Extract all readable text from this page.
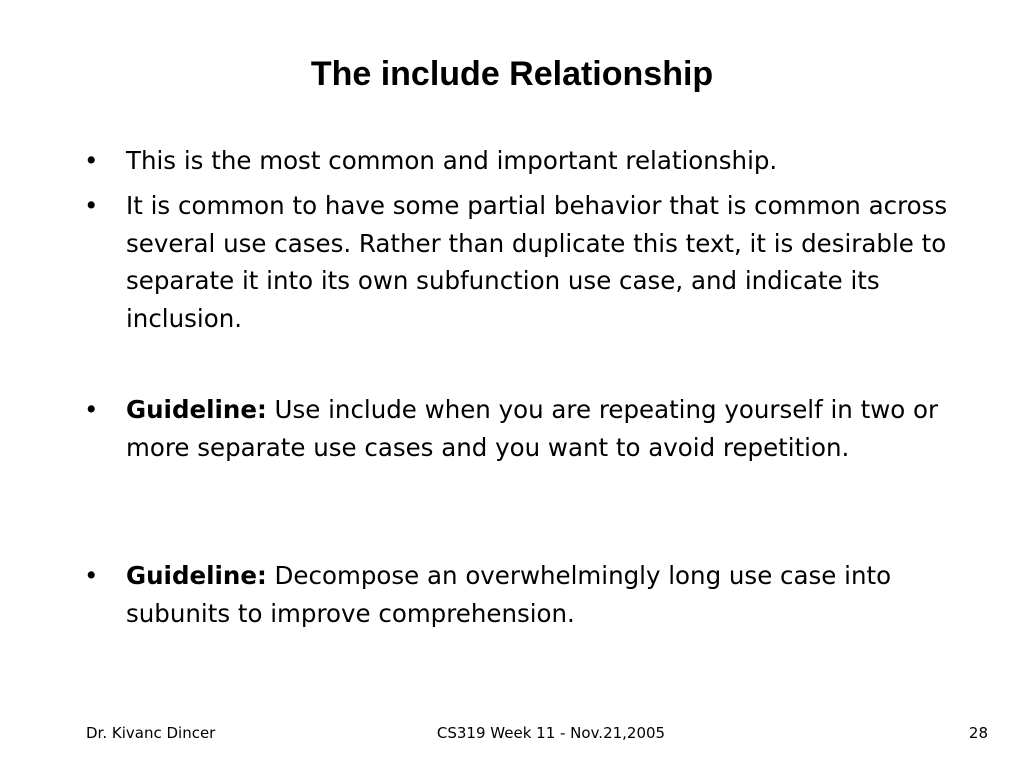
The include Relationship
•	This is the most common and important relationship.
•	It is common to have some partial behavior that is common across several use cases. Rather than duplicate this text, it is desirable to separate it into its own subfunction use case, and indicate its inclusion.
•	Guideline: Use include when you are repeating yourself in two or more separate use cases and you want to avoid repetition.
•	Guideline: Decompose an overwhelmingly long use case into subunits to improve comprehension.
Dr. Kivanc Dincer	CS319 Week 11 - Nov.21,2005	28
